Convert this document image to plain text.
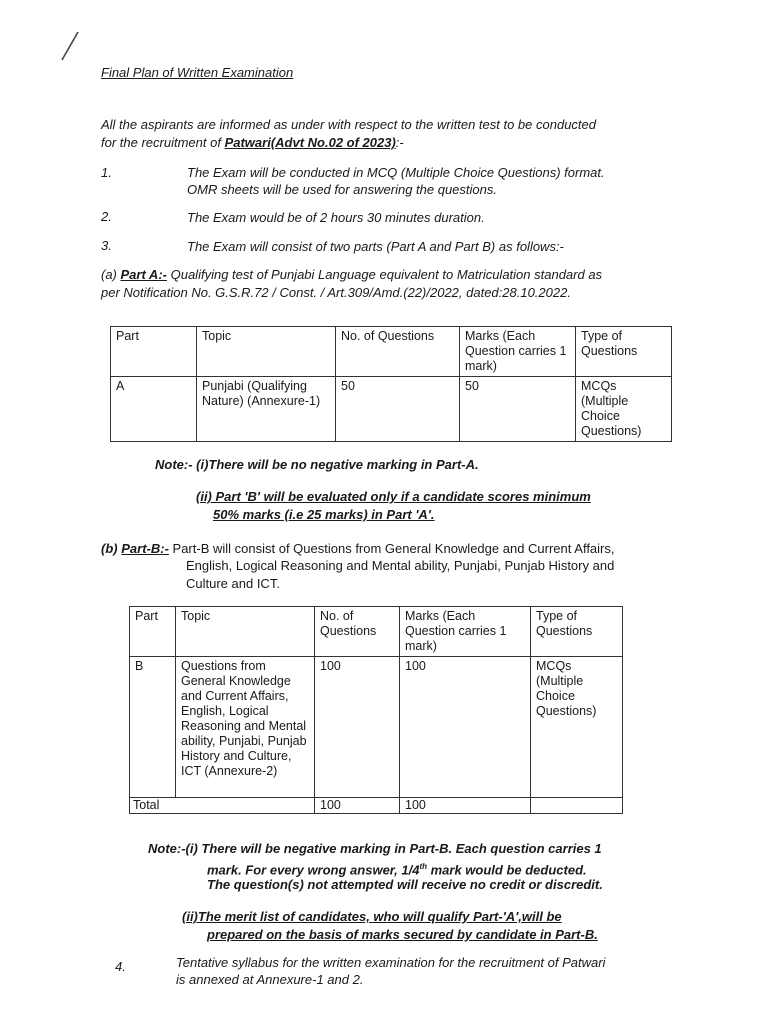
Final Plan of Written Examination
All the aspirants are informed as under with respect to the written test to be conducted
for the recruitment of Patwari(Advt No.02 of 2023):-
1.	The Exam will be conducted in MCQ (Multiple Choice Questions) format.
OMR sheets will be used for answering the questions.
2.	The Exam would be of 2 hours 30 minutes duration.
3.	The Exam will consist of two parts (Part A and Part B) as follows:-
(a) Part A:- Qualifying test of Punjabi Language equivalent to Matriculation standard as
per Notification No. G.S.R.72 / Const. / Art.309/Amd.(22)/2022, dated:28.10.2022.
Part	Topic	No. of Questions	Marks (Each Question carries 1 mark)	Type of Questions
A	Punjabi (Qualifying Nature) (Annexure-1)	50	50	MCQs (Multiple Choice Questions)
Note:- (i)There will be no negative marking in Part-A.
(ii) Part 'B' will be evaluated only if a candidate scores minimum
50% marks (i.e 25 marks) in Part 'A'.
(b) Part-B:- Part-B will consist of Questions from General Knowledge and Current Affairs,
English, Logical Reasoning and Mental ability, Punjabi, Punjab History and
Culture and ICT.
Part	Topic	No. of Questions	Marks (Each Question carries 1 mark)	Type of Questions
B	Questions from General Knowledge and Current Affairs, English, Logical Reasoning and Mental ability, Punjabi, Punjab History and Culture, ICT (Annexure-2)	100	100	MCQs (Multiple Choice Questions)
Total		100	100	
Note:-(i) There will be negative marking in Part-B. Each question carries 1
mark. For every wrong answer, 1/4th mark would be deducted.
The question(s) not attempted will receive no credit or discredit.
(ii)The merit list of candidates, who will qualify Part-'A',will be
prepared on the basis of marks secured by candidate in Part-B.
4.	Tentative syllabus for the written examination for the recruitment of Patwari
is annexed at Annexure-1 and 2.
